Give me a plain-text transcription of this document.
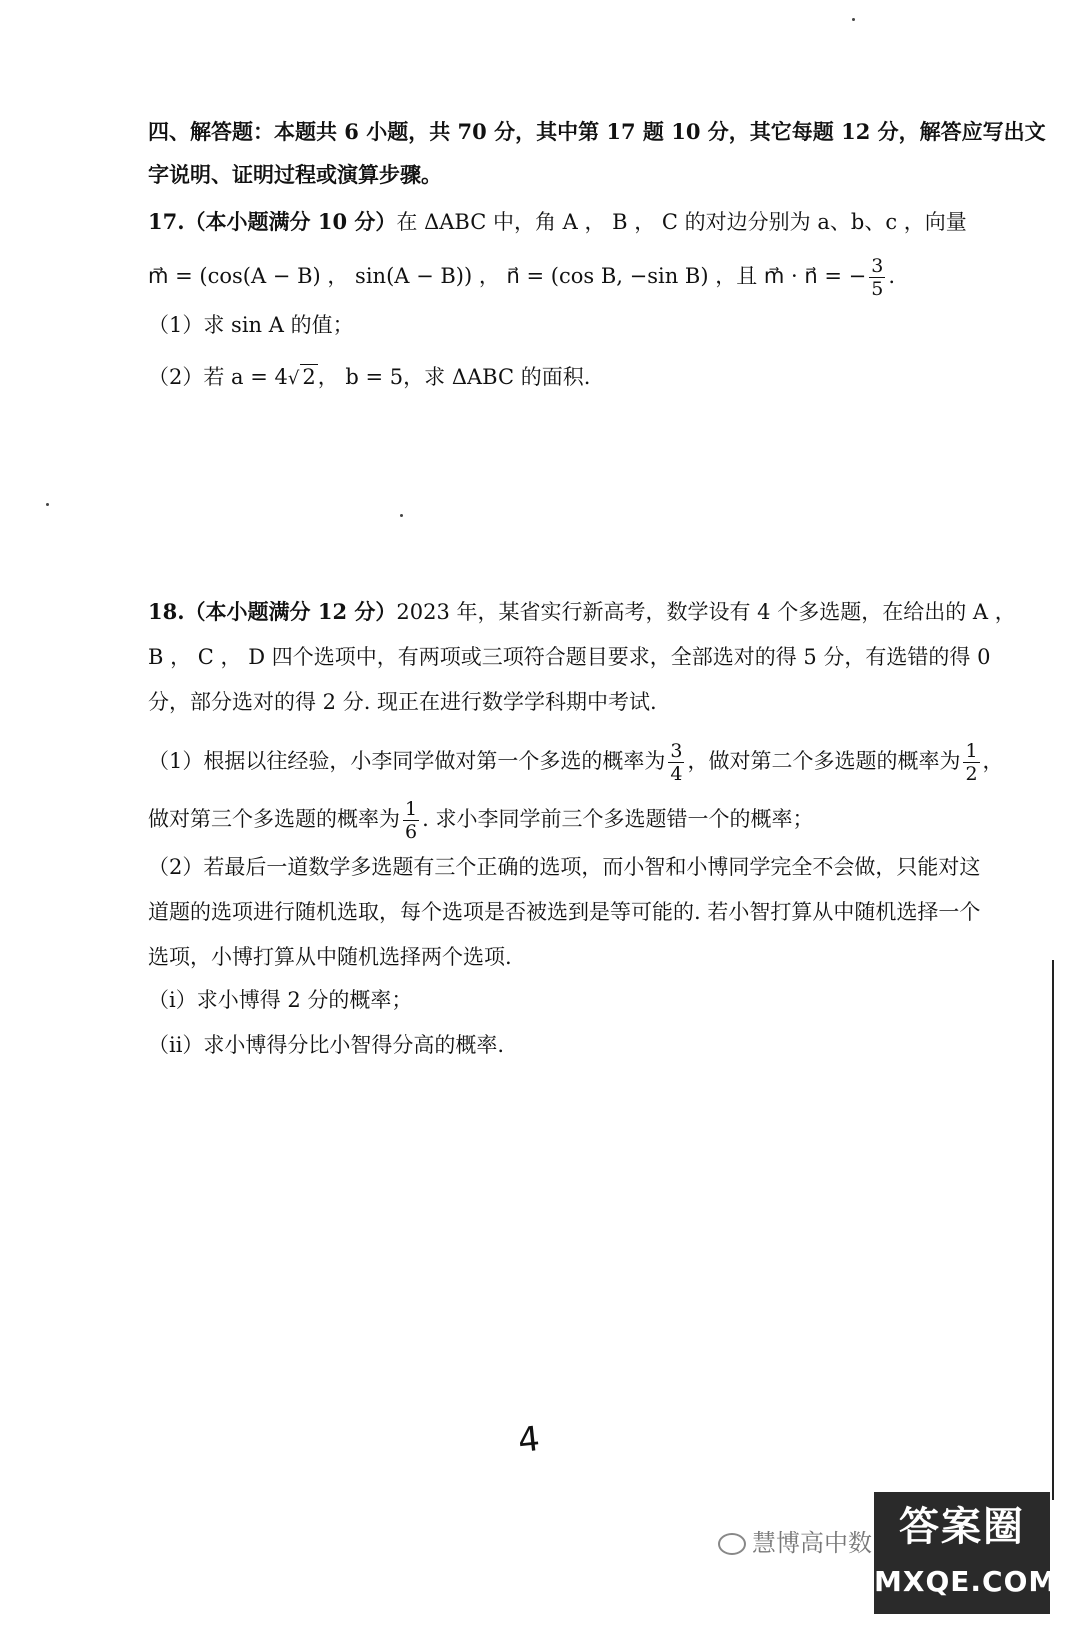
四、解答题：本题共 6 小题，共 70 分，其中第 17 题 10 分，其它每题 12 分，解答应写出文
字说明、证明过程或演算步骤。
17.（本小题满分 10 分）在 ΔABC 中，角 A ， B ， C 的对边分别为 a、b、c ，向量
m⃗ = (cos(A − B) ， sin(A − B)) ， n⃗ = (cos B, −sin B) ，且 m⃗ · n⃗ = − $\frac{3}{5}$ .
（1）求 sin A 的值；
（2）若 a = 4√ 2， b = 5，求 ΔABC 的面积.
18.（本小题满分 12 分）2023 年，某省实行新高考，数学设有 4 个多选题，在给出的 A ，
B ， C ， D 四个选项中，有两项或三项符合题目要求，全部选对的得 5 分，有选错的得 0
分，部分选对的得 2 分. 现正在进行数学学科期中考试.
（1）根据以往经验，小李同学做对第一个多选的概率为 $\frac{3}{4}$ ，做对第二个多选题的概率为 $\frac{1}{2}$ ，
做对第三个多选题的概率为 $\frac{1}{6}$ . 求小李同学前三个多选题错一个的概率；
（2）若最后一道数学多选题有三个正确的选项，而小智和小博同学完全不会做，只能对这
道题的选项进行随机选取，每个选项是否被选到是等可能的. 若小智打算从中随机选择一个
选项，小博打算从中随机选择两个选项.
（i）求小博得 2 分的概率；
（ii）求小博得分比小智得分高的概率.
4
慧博高中数 答案圈
MXQE.COM
